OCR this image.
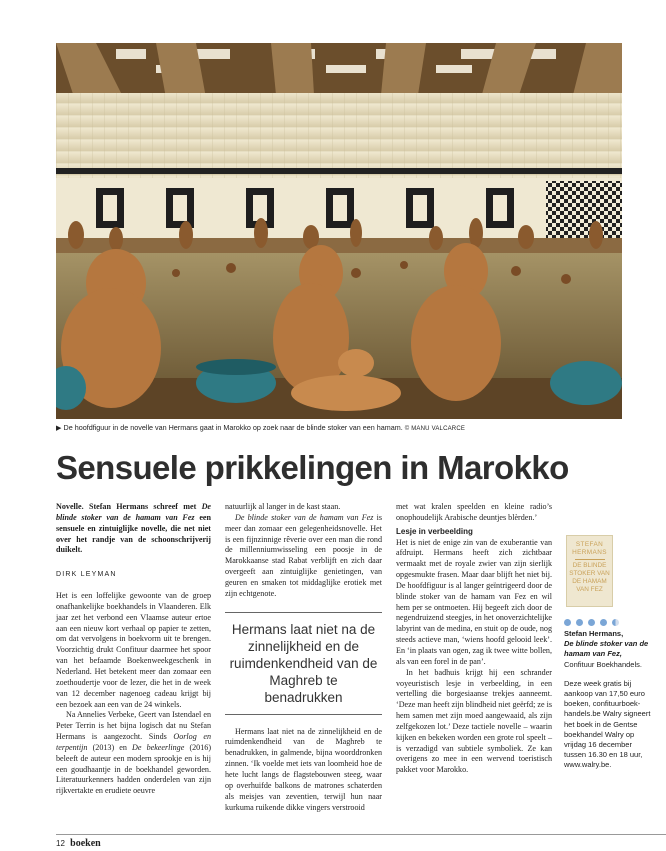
▶ De hoofdfiguur in de novelle van Hermans gaat in Marokko op zoek naar de blinde stoker van een hamam. © MANU VALCARCE
Sensuele prikkelingen in Marokko

Novelle. Stefan Hermans schreef met De blinde stoker van de hamam van Fez een sensuele en zintuiglijke novelle, die net niet over het randje van de schoonschrijverij duikelt.

DIRK LEYMAN

Het is een loffelijke gewoonte van de groep onafhankelijke boekhandels in Vlaanderen. Elk jaar zet het verbond een Vlaamse auteur ertoe aan een nieuw kort verhaal op papier te zetten, om dat vervolgens in boekvorm uit te brengen. Voorzichtig drukt Confituur daarmee het spoor van het befaamde Boekenweekgeschenk in Nederland. Het betekent meer dan zomaar een zoethoudertje voor de lezer, die het in de week van 12 december nagenoeg cadeau krijgt bij een bezoek aan een van de 24 winkels.

Na Annelies Verbeke, Geert van Istendael en Peter Terrin is het bijna logisch dat nu Stefan Hermans is aangezocht. Sinds Oorlog en terpentijn (2013) en De bekeerlinge (2016) beleeft de auteur een modern sprookje en is hij een goudhaantje in de boekhandel geworden. Literatuurkenners hadden onderdelen van zijn rijkvertakte en erudiete oeuvre

natuurlijk al langer in de kast staan.

De blinde stoker van de hamam van Fez is meer dan zomaar een gelegenheidsnovelle. Het is een fijnzinnige rêverie over een man die rond de millenniumwisseling een poosje in de Marokkaanse stad Rabat verblijft en zich daar overgeeft aan zintuiglijke genietingen, van geuren en smaken tot middaglijke erotiek met zijn echtgenote.

Hermans laat niet na de zinnelijkheid en de ruimdenkendheid van de Maghreb te benadrukken

Hermans laat niet na de zinnelijkheid en de ruimdenkendheid van de Maghreb te benadrukken, in galmende, bijna woorddronken zinnen. ‘Ik voelde met iets van loomheid hoe de hete lucht langs de flagstebouwen steeg, waar op overhuifde balkons de matrones schaterden als meisjes van zeventien, terwijl hun naar kurkuma ruikende dikke vingers verstrooid

met wat kralen speelden en kleine radio’s onophoudelijk Arabische deuntjes blèrden.’

Lesje in verbeelding

Het is niet de enige zin van de exuberantie van afdruipt. Hermans heeft zich zichtbaar vermaakt met de royale zwier van zijn sierlijk opgesmukte frasen. Maar daar blijft het niet bij. De hoofdfiguur is al langer geïntrigeerd door de blinde stoker van de hamam van Fez en wil hem per se ontmoeten. Hij begeeft zich door de negendruizend steegjes, in het onoverzichtelijke labyrint van de medina, en stuit op de oude, nog steeds actieve man, ‘wiens hoofd gelooid leek’. En ‘in plaats van ogen, zag ik twee witte bollen, als van een forel in de pan’.

In het badhuis krijgt hij een schrander voyeuristisch lesje in verbeelding, in een vertelling die borgesiaanse trekjes aanneemt. ‘Deze man heeft zijn blindheid niet geërfd; ze is hem samen met zijn moed aangewaaid, als zijn zelfgekozen lot.’ Deze tactiele novelle – waarin kijken en bekeken worden een grote rol speelt – is verzadigd van subtiele symboliek. Ze kan overigens zo mee in een wervend toeristisch pakket voor Marokko.

STEFAN
HERMANS
DE BLINDE
STOKER VAN
DE HAMAM
VAN FEZ

Stefan Hermans,

De blinde stoker van de hamam van Fez,

Confituur Boekhandels.

Deze week gratis bij aankoop van 17,50 euro boeken, confituurboek-handels.be Walry signeert het boek in de Gentse boekhandel Walry op vrijdag 16 december tussen 16.30 en 18 uur, www.walry.be.

12 boeken
